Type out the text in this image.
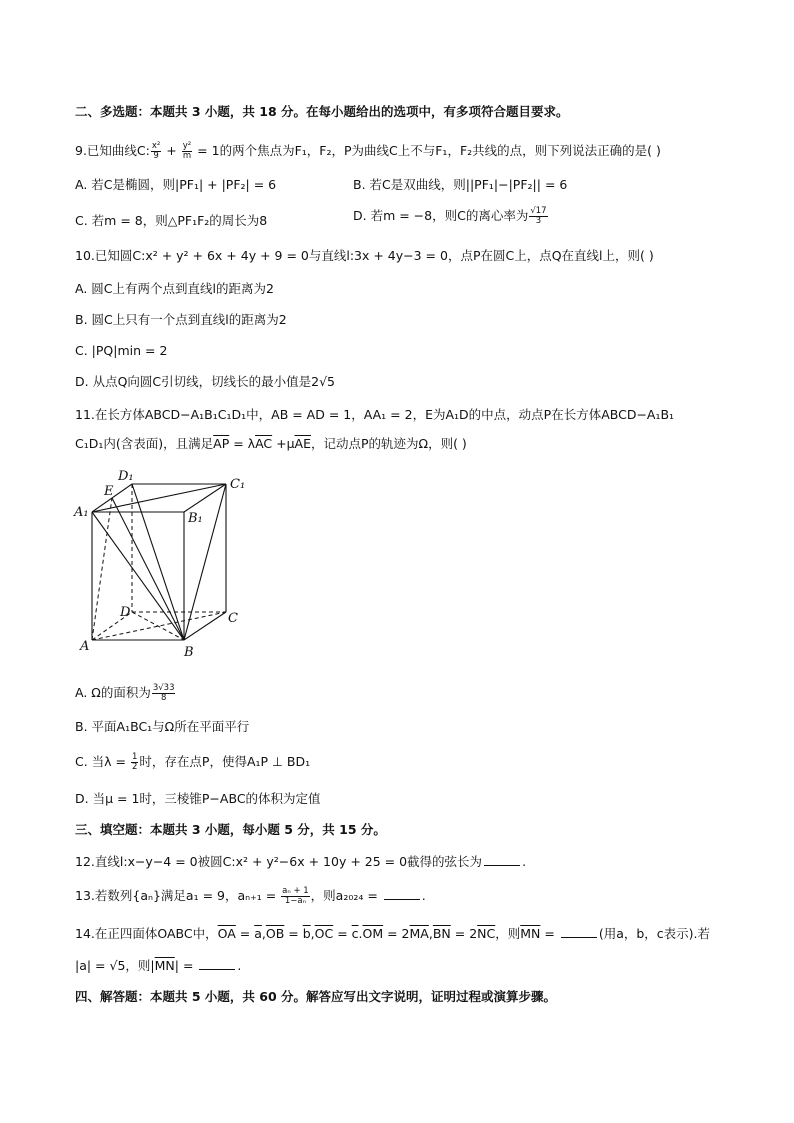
二、多选题：本题共 3 小题，共 18 分。在每小题给出的选项中，有多项符合题目要求。
9.已知曲线C: $\frac{\text{x²}}{9} + \frac{\text{y²}}{m} = 1$的两个焦点为F₁，F₂，P为曲线C上不与F₁，F₂共线的点，则下列说法正确的是( )
A. 若C是椭圆，则|PF₁| + |PF₂| = 6	B. 若C是双曲线，则||PF₁|−|PF₂|| = 6
C. 若m = 8，则△PF₁F₂的周长为8	D. 若m = −8，则C的离心率为 $\frac{√17}{3}$
10.已知圆C:x² + y² + 6x + 4y + 9 = 0与直线l:3x + 4y−3 = 0，点P在圆C上，点Q在直线l上，则( )
A. 圆C上有两个点到直线l的距离为2
B. 圆C上只有一个点到直线l的距离为2
C. |PQ|min = 2
D. 从点Q向圆C引切线，切线长的最小值是2√5
11.在长方体ABCD−A₁B₁C₁D₁中，AB = AD = 1，AA₁ = 2，E为A₁D的中点，动点P在长方体ABCD−A₁B₁
C₁D₁内(含表面)，且满足$\overline{AP} = \lambda\overline{AC} +\mu\overline{AE}$，记动点P的轨迹为Ω，则( )
D₁
E	C₁
A₁	B₁
D	C
A	B
A. Ω的面积为 $\frac{3√33}{8}$
B. 平面A₁BC₁与Ω所在平面平行
C. 当$\lambda = \frac{1}{2}$ 时，存在点P，使得A₁P ⊥ BD₁
D. 当μ = 1时，三棱锥P−ABC的体积为定值
三、填空题：本题共 3 小题，每小题 5 分，共 15 分。
12.直线l:x−y−4 = 0被圆C:x² + y²−6x + 10y + 25 = 0截得的弦长为	.
13.若数列{aₙ}满足a₁ = 9，$a_{n+1} = \frac{\text{aₙ + 1}}{\text{1−aₙ}}$ ，则a₂₀₂₄ =	.
14.在正四面体OABC中，$\overline{OA} = \overline{a},\overline{OB} = \overline{b},\overline{OC} = \overline{c}.\overline{OM} = 2\overline{MA},\overline{BN} = 2\overline{NC}$，则$\overline{MN}$ =	(用a，b，c表示).若
|a| = √5，则$|\overline{MN}|$ =	.
四、解答题：本题共 5 小题，共 60 分。解答应写出文字说明，证明过程或演算步骤。
